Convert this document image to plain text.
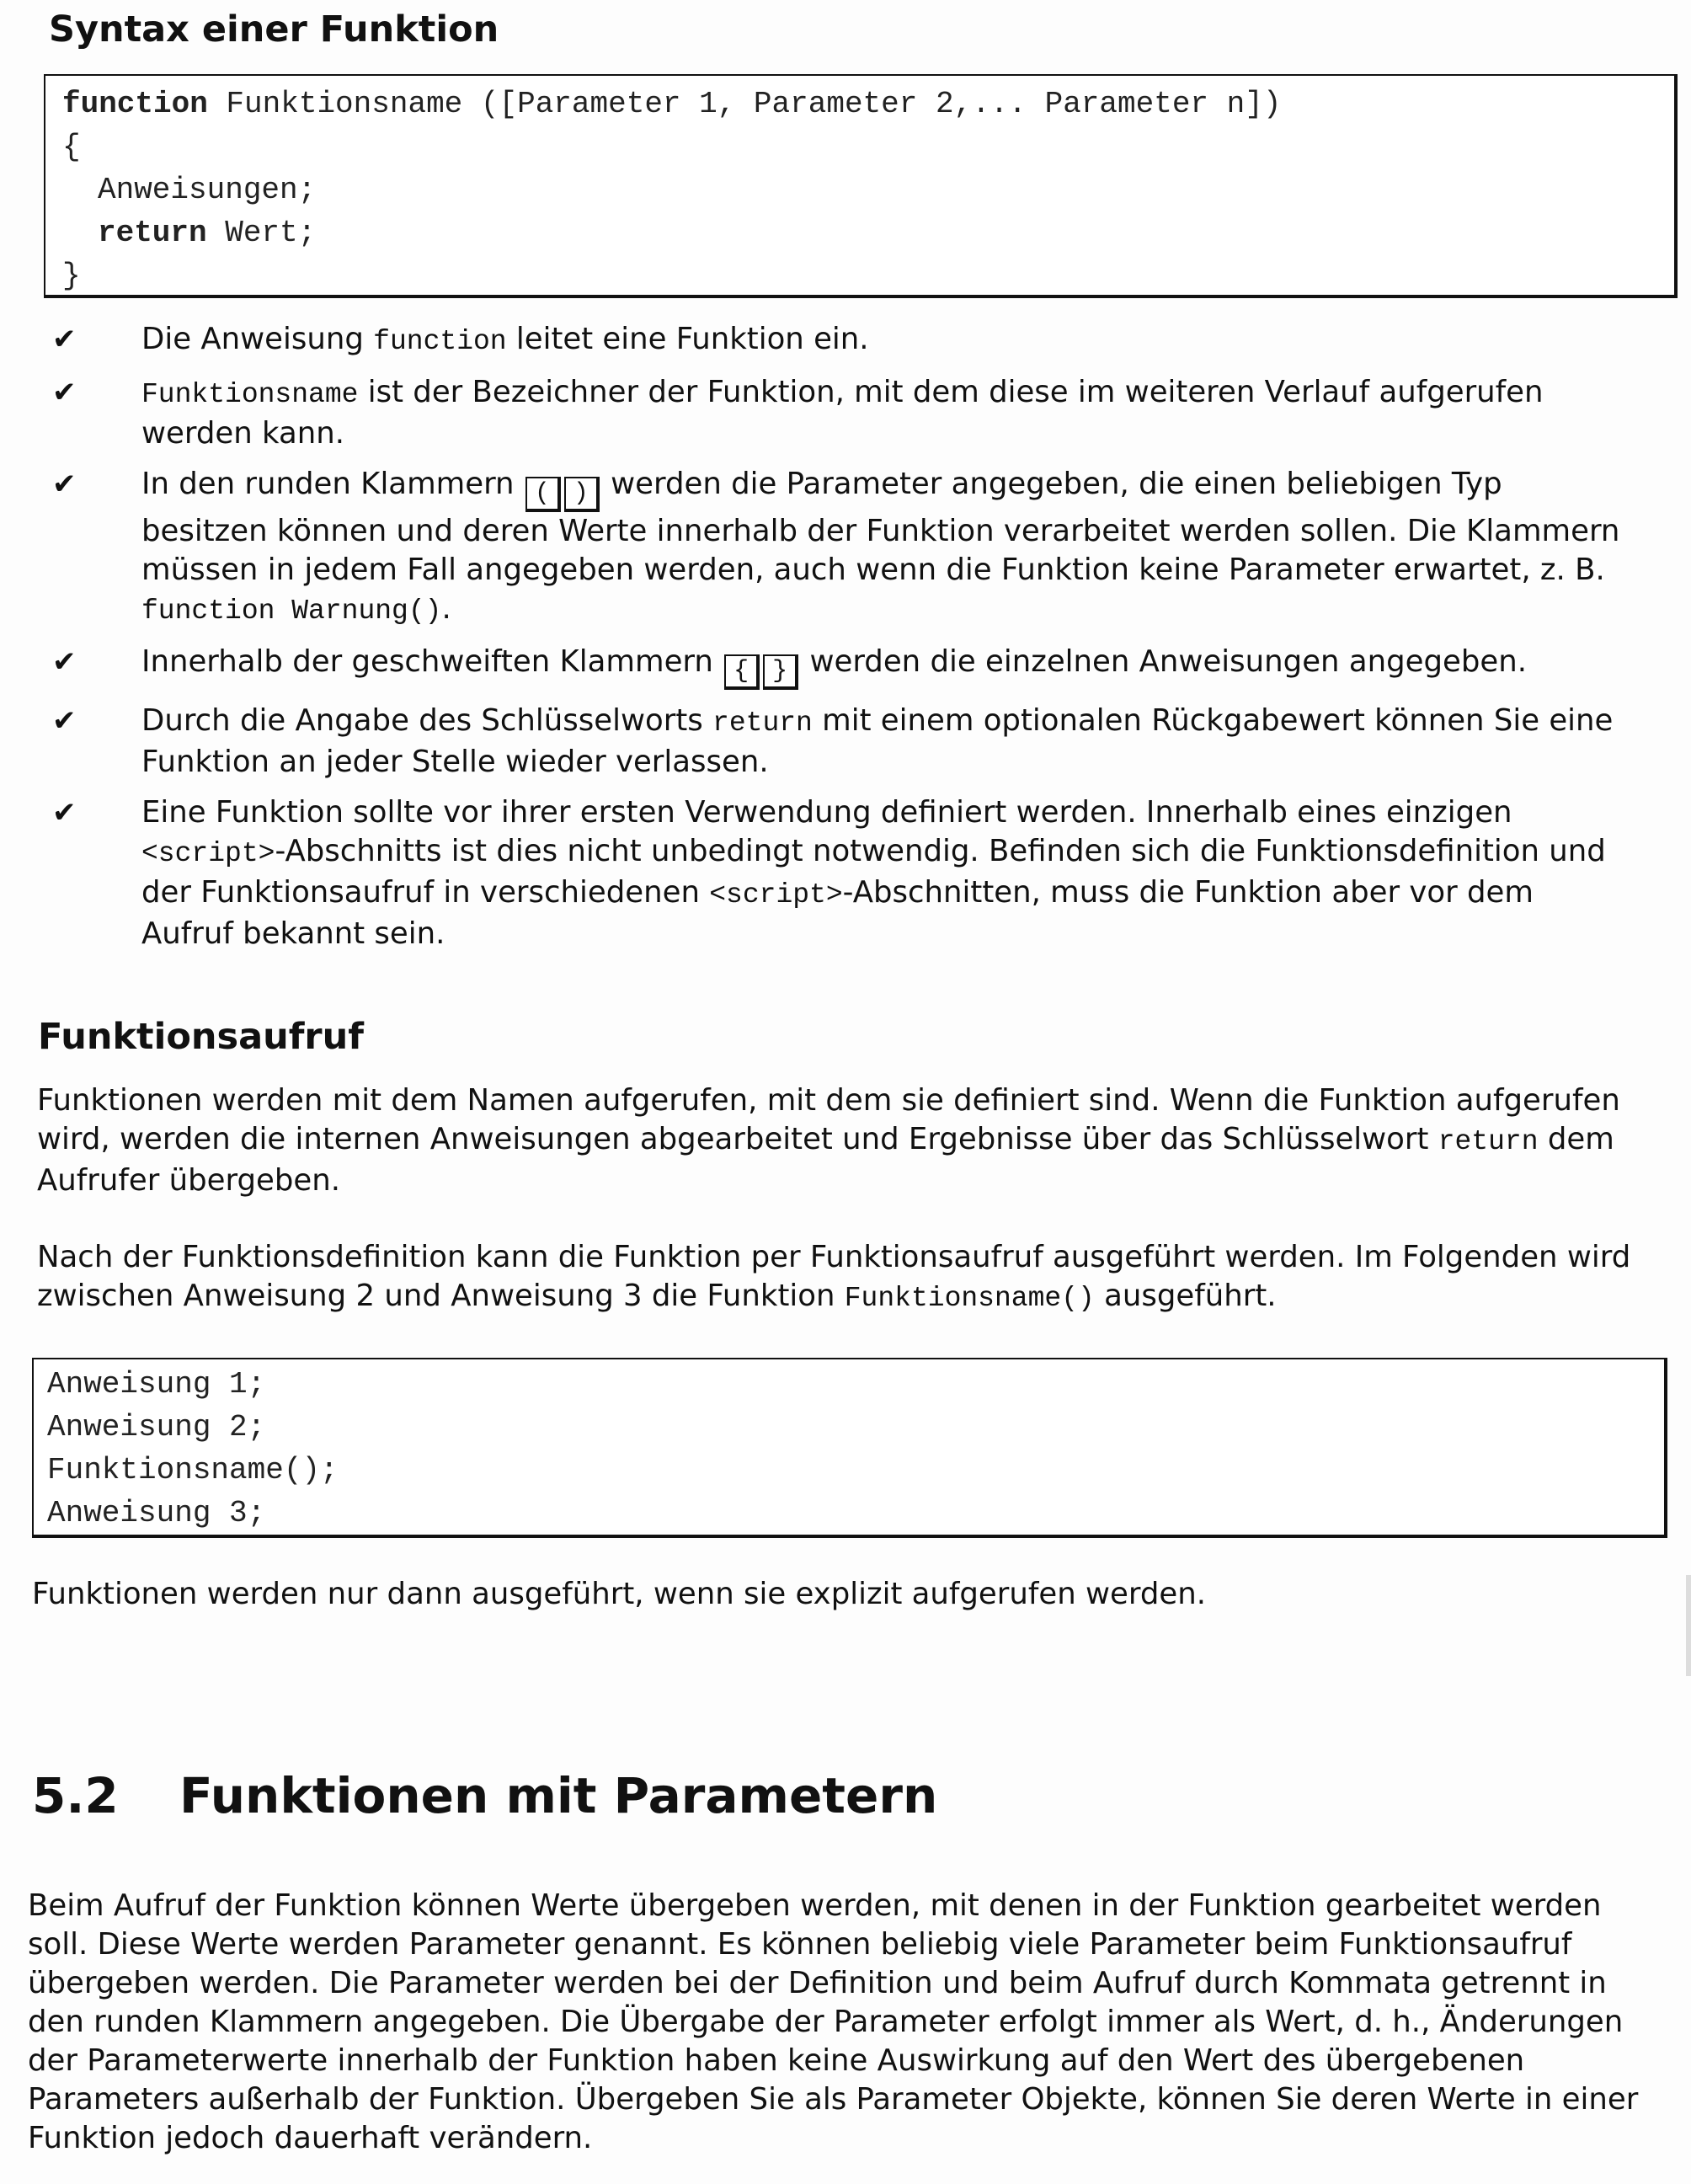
Syntax einer Funktion
function Funktionsname ([Parameter 1, Parameter 2,... Parameter n])
{
Anweisungen;
return Wert;
}
✔ Die Anweisung function leitet eine Funktion ein.
✔ Funktionsname ist der Bezeichner der Funktion, mit dem diese im weiteren Verlauf aufgerufen werden kann.
✔ In den runden Klammern ( ) werden die Parameter angegeben, die einen beliebigen Typ besitzen können und deren Werte innerhalb der Funktion verarbeitet werden sollen. Die Klammern müssen in jedem Fall angegeben werden, auch wenn die Funktion keine Parameter erwartet, z. B. function Warnung().
✔ Innerhalb der geschweiften Klammern { } werden die einzelnen Anweisungen angegeben.
✔ Durch die Angabe des Schlüsselworts return mit einem optionalen Rückgabewert können Sie eine Funktion an jeder Stelle wieder verlassen.
✔ Eine Funktion sollte vor ihrer ersten Verwendung definiert werden. Innerhalb eines einzigen <script>-Abschnitts ist dies nicht unbedingt notwendig. Befinden sich die Funktionsdefinition und der Funktionsaufruf in verschiedenen <script>-Abschnitten, muss die Funktion aber vor dem Aufruf bekannt sein.
Funktionsaufruf

Funktionen werden mit dem Namen aufgerufen, mit dem sie definiert sind. Wenn die Funktion aufgerufen wird, werden die internen Anweisungen abgearbeitet und Ergebnisse über das Schlüsselwort return dem Aufrufer übergeben.

Nach der Funktionsdefinition kann die Funktion per Funktionsaufruf ausgeführt werden. Im Folgenden wird zwischen Anweisung 2 und Anweisung 3 die Funktion Funktionsname() ausgeführt.

Anweisung 1;
Anweisung 2;
Funktionsname();
Anweisung 3;

Funktionen werden nur dann ausgeführt, wenn sie explizit aufgerufen werden.

5.2 Funktionen mit Parametern

Beim Aufruf der Funktion können Werte übergeben werden, mit denen in der Funktion gearbeitet werden soll. Diese Werte werden Parameter genannt. Es können beliebig viele Parameter beim Funktionsaufruf übergeben werden. Die Parameter werden bei der Definition und beim Aufruf durch Kommata getrennt in den runden Klammern angegeben. Die Übergabe der Parameter erfolgt immer als Wert, d. h., Änderungen der Parameterwerte innerhalb der Funktion haben keine Auswirkung auf den Wert des übergebenen Parameters außerhalb der Funktion. Übergeben Sie als Parameter Objekte, können Sie deren Werte in einer Funktion jedoch dauerhaft verändern.
